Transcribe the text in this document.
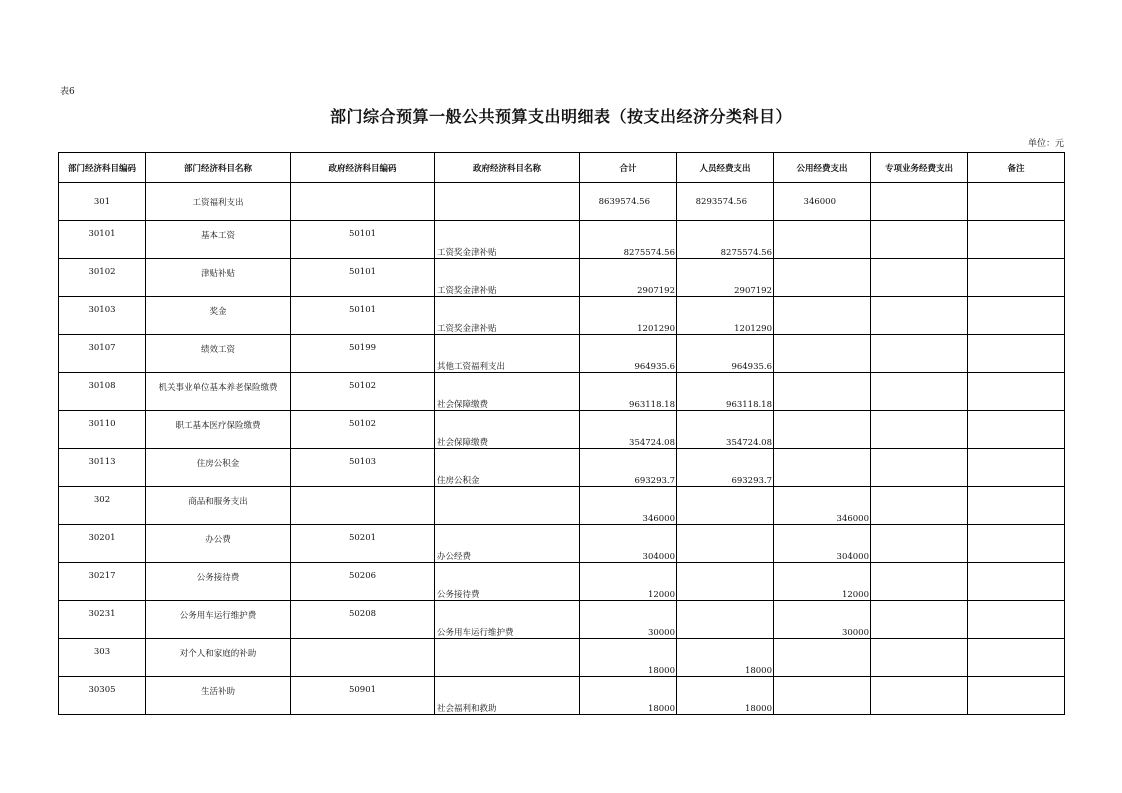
表6
部门综合预算一般公共预算支出明细表（按支出经济分类科目）
单位：元
部门经济科目编码	部门经济科目名称	政府经济科目编码	政府经济科目名称	合计	人员经费支出	公用经费支出	专项业务经费支出	备注
301	工资福利支出			8639574.56	8293574.56	346000		
30101	基本工资	50101	工资奖金津补贴	8275574.56	8275574.56			
30102	津贴补贴	50101	工资奖金津补贴	2907192	2907192			
30103	奖金	50101	工资奖金津补贴	1201290	1201290			
30107	绩效工资	50199	其他工资福利支出	964935.6	964935.6			
30108	机关事业单位基本养老保险缴费	50102	社会保障缴费	963118.18	963118.18			
30110	职工基本医疗保险缴费	50102	社会保障缴费	354724.08	354724.08			
30113	住房公积金	50103	住房公积金	693293.7	693293.7			
302	商品和服务支出			346000		346000		
30201	办公费	50201	办公经费	304000		304000		
30217	公务接待费	50206	公务接待费	12000		12000		
30231	公务用车运行维护费	50208	公务用车运行维护费	30000		30000		
303	对个人和家庭的补助			18000	18000			
30305	生活补助	50901	社会福利和救助	18000	18000			
